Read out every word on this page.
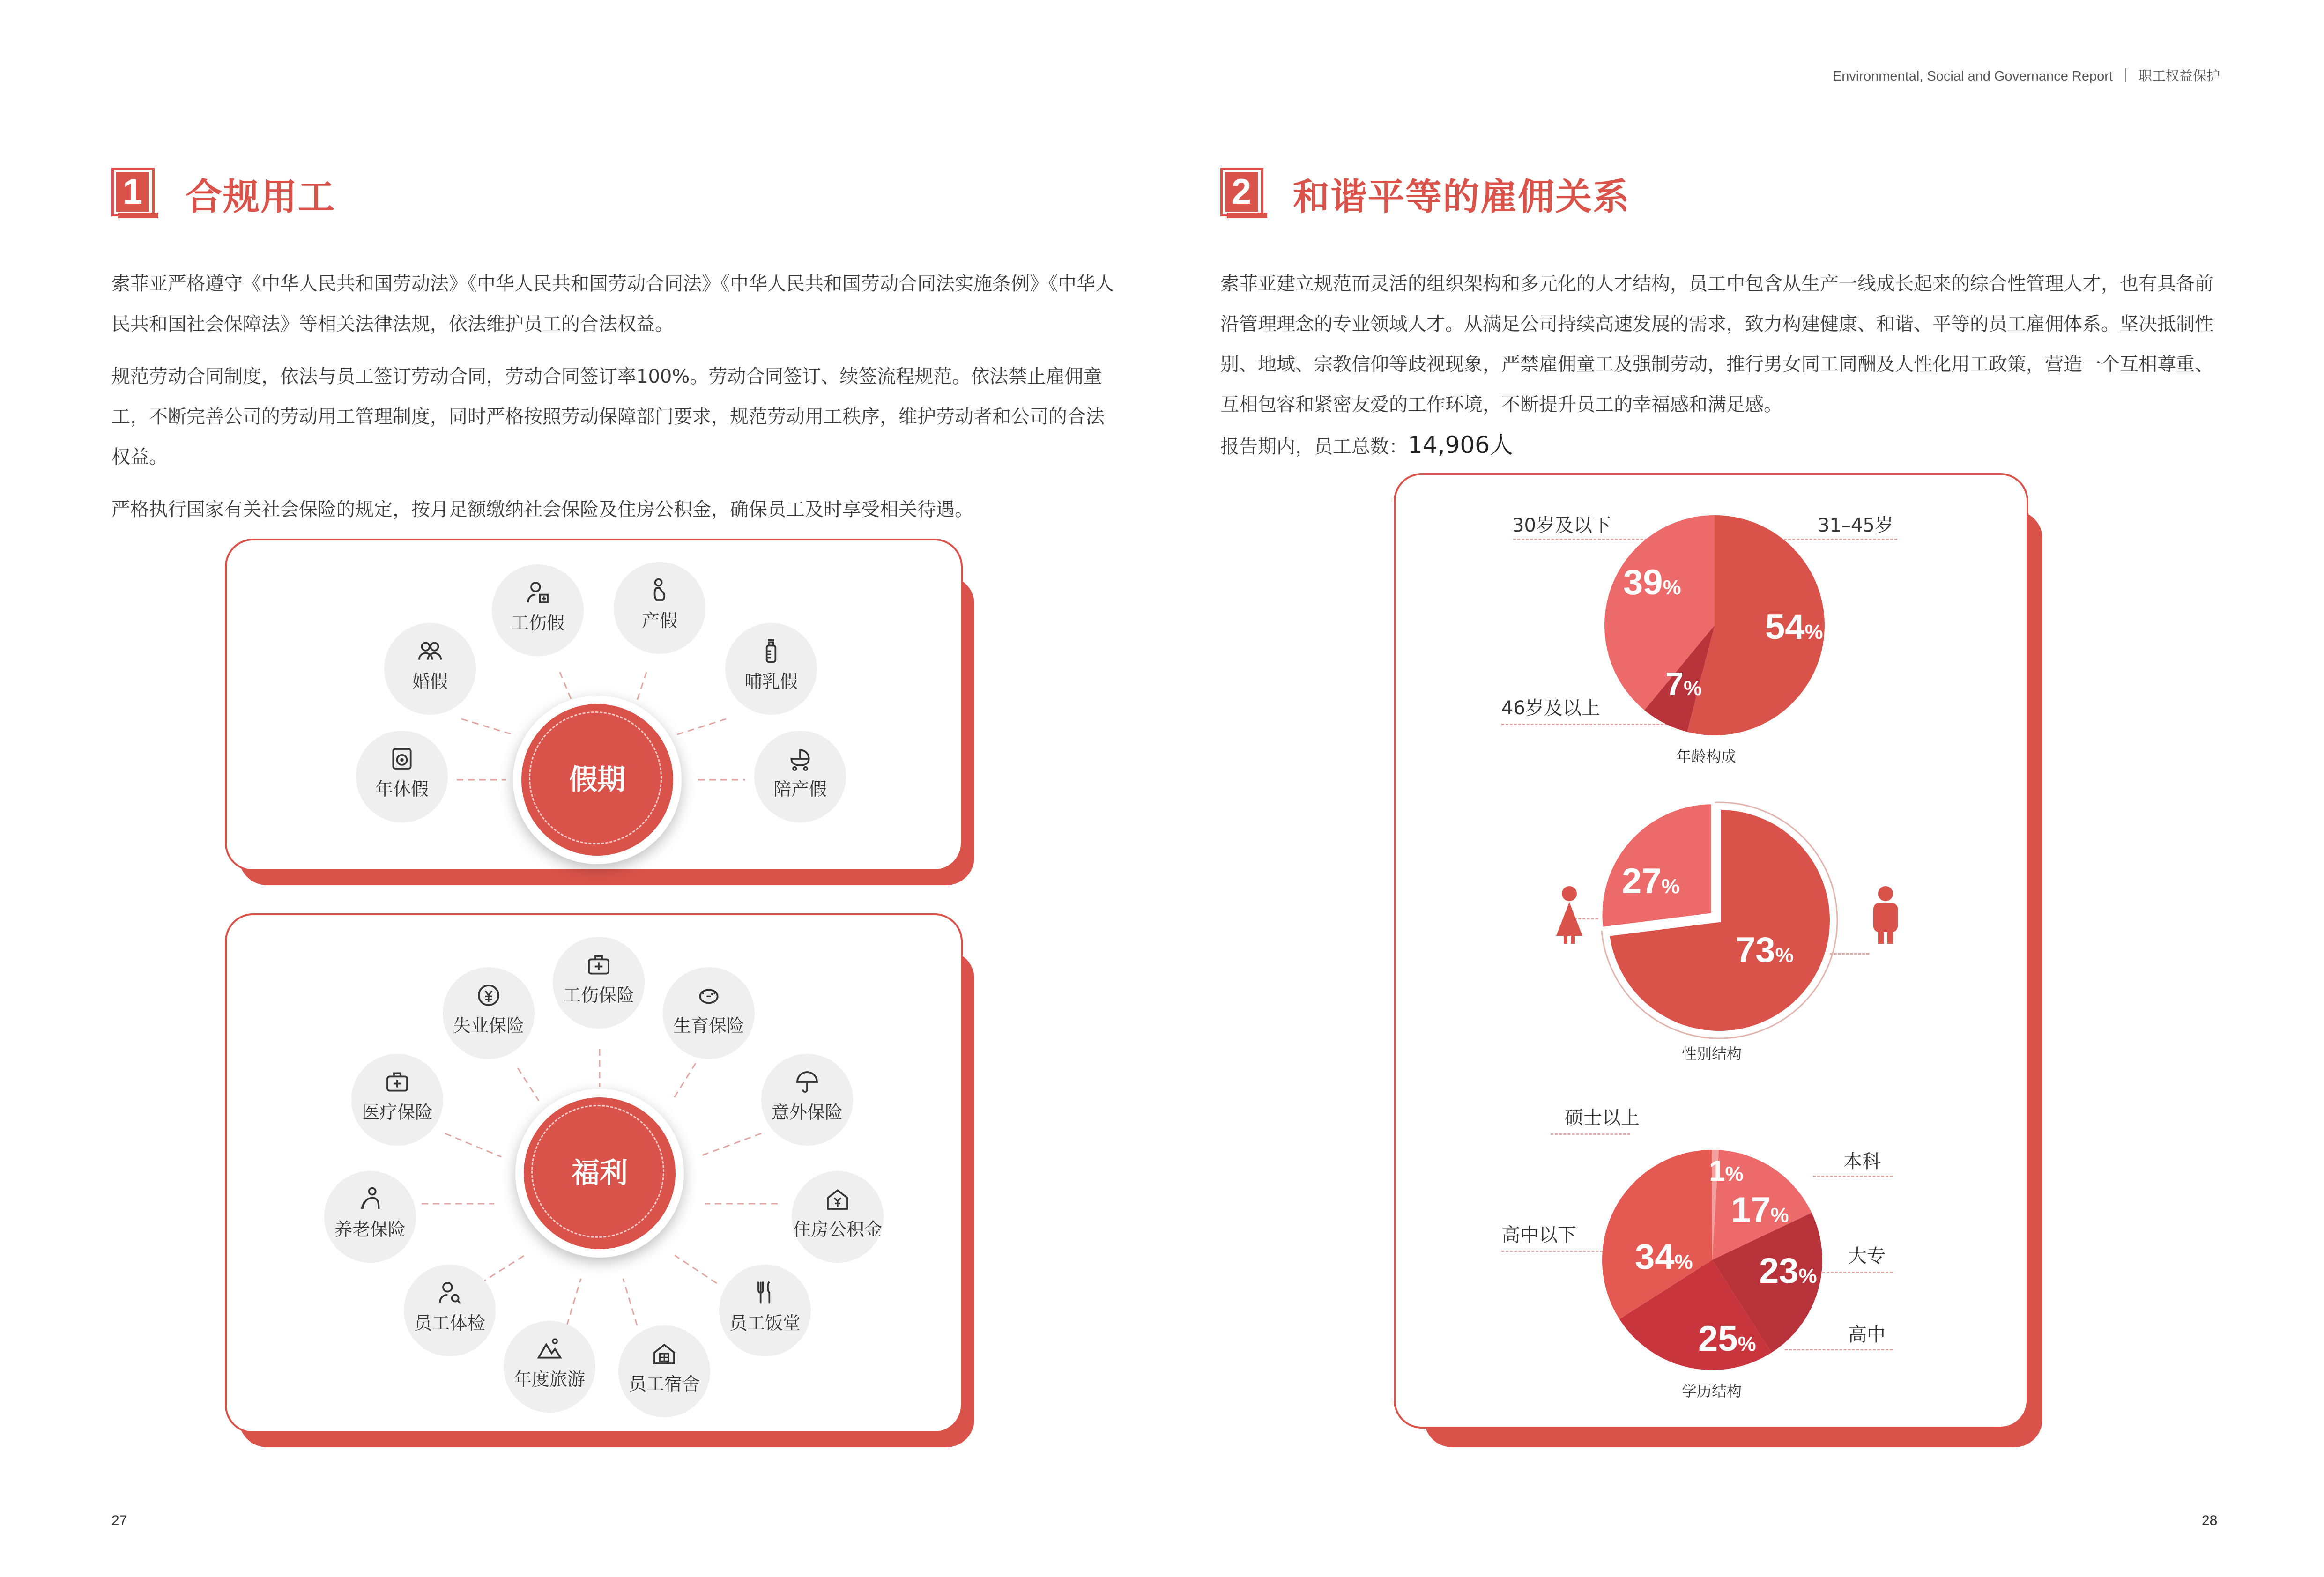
Environmental, Social and Governance Report 职工权益保护
1 合规用工

索菲亚严格遵守《中华人民共和国劳动法》《中华人民共和国劳动合同法》《中华人民共和国劳动合同法实施条例》《中华人民共和国社会保障法》等相关法律法规，依法维护员工的合法权益。

规范劳动合同制度，依法与员工签订劳动合同，劳动合同签订率100%。劳动合同签订、续签流程规范。依法禁止雇佣童工，不断完善公司的劳动用工管理制度，同时严格按照劳动保障部门要求，规范劳动用工秩序，维护劳动者和公司的合法权益。

严格执行国家有关社会保险的规定，按月足额缴纳社会保险及住房公积金，确保员工及时享受相关待遇。

工伤假	产假
婚假	哺乳假
年休假	陪产假
假期
工伤保险
失业保险	生育保险
医疗保险	意外保险
养老保险	住房公积金
员工体检	员工饭堂
年度旅游	员工宿舍
福利
27
2 和谐平等的雇佣关系

索菲亚建立规范而灵活的组织架构和多元化的人才结构，员工中包含从生产一线成长起来的综合性管理人才，也有具备前沿管理理念的专业领域人才。从满足公司持续高速发展的需求，致力构建健康、和谐、平等的员工雇佣体系。坚决抵制性别、地域、宗教信仰等歧视现象，严禁雇佣童工及强制劳动，推行男女同工同酬及人性化用工政策，营造一个互相尊重、互相包容和紧密友爱的工作环境，不断提升员工的幸福感和满足感。

报告期内，员工总数：14,906人
39%
54%
7%
27%
73%
1%
17%
34% 23%
25%
30岁及以下	31–45岁
46岁及以上
年龄构成
性别结构
硕士以上
本科
高中以下
大专
高中
学历结构
28
